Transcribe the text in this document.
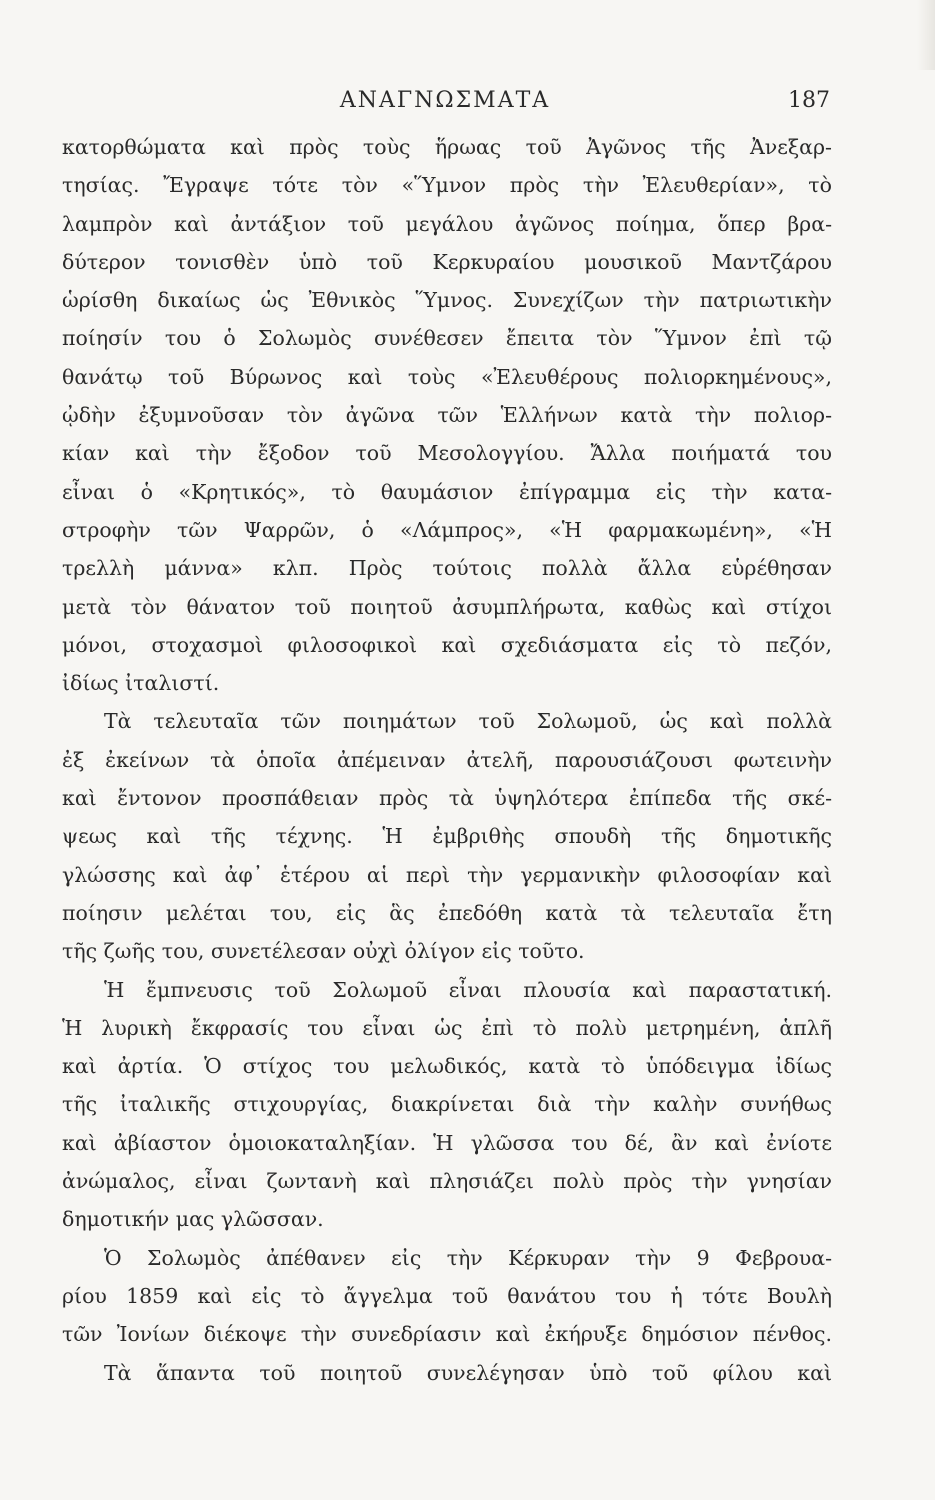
ΑΝΑΓΝΩΣΜΑΤΑ	187
κατορθώματα καὶ πρὸς τοὺς ἥρωας τοῦ Ἀγῶνος τῆς Ἀνεξαρ-
τησίας. Ἔγραψε τότε τὸν «Ὕμνον πρὸς τὴν Ἐλευθερίαν», τὸ
λαμπρὸν καὶ ἀντάξιον τοῦ μεγάλου ἀγῶνος ποίημα, ὅπερ βρα-
δύτερον τονισθὲν ὑπὸ τοῦ Κερκυραίου μουσικοῦ Μαντζάρου
ὡρίσθη δικαίως ὡς Ἐθνικὸς Ὕμνος. Συνεχίζων τὴν πατριωτικὴν
ποίησίν του ὁ Σολωμὸς συνέθεσεν ἔπειτα τὸν Ὕμνον ἐπὶ τῷ
θανάτῳ τοῦ Βύρωνος καὶ τοὺς «Ἐλευθέρους πολιορκημένους»,
ᾠδὴν ἐξυμνοῦσαν τὸν ἀγῶνα τῶν Ἑλλήνων κατὰ τὴν πολιορ-
κίαν καὶ τὴν ἔξοδον τοῦ Μεσολογγίου. Ἄλλα ποιήματά του
εἶναι ὁ «Κρητικός», τὸ θαυμάσιον ἐπίγραμμα εἰς τὴν κατα-
στροφὴν τῶν Ψαρρῶν, ὁ «Λάμπρος», «Ἡ φαρμακωμένη», «Ἡ
τρελλὴ μάννα» κλπ. Πρὸς τούτοις πολλὰ ἄλλα εὑρέθησαν
μετὰ τὸν θάνατον τοῦ ποιητοῦ ἀσυμπλήρωτα, καθὼς καὶ στίχοι
μόνοι, στοχασμοὶ φιλοσοφικοὶ καὶ σχεδιάσματα εἰς τὸ πεζόν,
ἰδίως ἰταλιστί.
Τὰ τελευταῖα τῶν ποιημάτων τοῦ Σολωμοῦ, ὡς καὶ πολλὰ
ἐξ ἐκείνων τὰ ὁποῖα ἀπέμειναν ἀτελῆ, παρουσιάζουσι φωτεινὴν
καὶ ἔντονον προσπάθειαν πρὸς τὰ ὑψηλότερα ἐπίπεδα τῆς σκέ-
ψεως καὶ τῆς τέχνης. Ἡ ἐμβριθὴς σπουδὴ τῆς δημοτικῆς
γλώσσης καὶ ἀφ᾽ ἑτέρου αἱ περὶ τὴν γερμανικὴν φιλοσοφίαν καὶ
ποίησιν μελέται του, εἰς ἃς ἐπεδόθη κατὰ τὰ τελευταῖα ἔτη
τῆς ζωῆς του, συνετέλεσαν οὐχὶ ὀλίγον εἰς τοῦτο.
Ἡ ἔμπνευσις τοῦ Σολωμοῦ εἶναι πλουσία καὶ παραστατική.
Ἡ λυρικὴ ἔκφρασίς του εἶναι ὡς ἐπὶ τὸ πολὺ μετρημένη, ἁπλῆ
καὶ ἀρτία. Ὁ στίχος του μελωδικός, κατὰ τὸ ὑπόδειγμα ἰδίως
τῆς ἰταλικῆς στιχουργίας, διακρίνεται διὰ τὴν καλὴν συνήθως
καὶ ἀβίαστον ὁμοιοκαταληξίαν. Ἡ γλῶσσα του δέ, ἂν καὶ ἐνίοτε
ἀνώμαλος, εἶναι ζωντανὴ καὶ πλησιάζει πολὺ πρὸς τὴν γνησίαν
δημοτικήν μας γλῶσσαν.
Ὁ Σολωμὸς ἀπέθανεν εἰς τὴν Κέρκυραν τὴν 9 Φεβρουα-
ρίου 1859 καὶ εἰς τὸ ἄγγελμα τοῦ θανάτου του ἡ τότε Βουλὴ
τῶν Ἰονίων διέκοψε τὴν συνεδρίασιν καὶ ἐκήρυξε δημόσιον πένθος.
Τὰ ἅπαντα τοῦ ποιητοῦ συνελέγησαν ὑπὸ τοῦ φίλου καὶ
